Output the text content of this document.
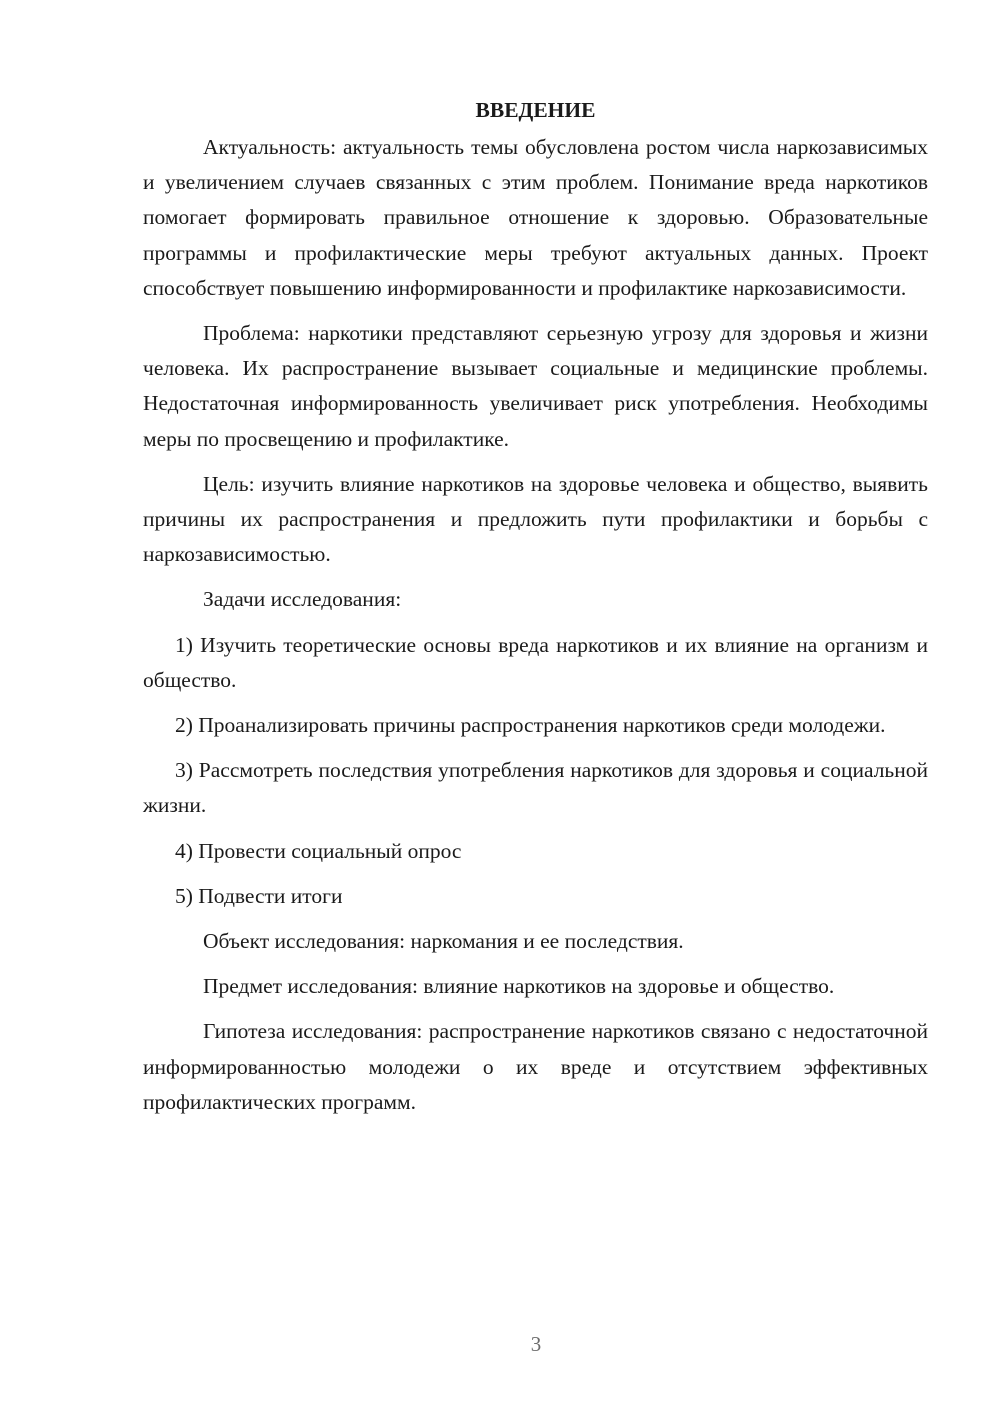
ВВЕДЕНИЕ

Актуальность: актуальность темы обусловлена ростом числа наркозависимых и увеличением случаев связанных с этим проблем. Понимание вреда наркотиков помогает формировать правильное отношение к здоровью. Образовательные программы и профилактические меры требуют актуальных данных. Проект способствует повышению информированности и профилактике наркозависимости.

Проблема: наркотики представляют серьезную угрозу для здоровья и жизни человека. Их распространение вызывает социальные и медицинские проблемы. Недостаточная информированность увеличивает риск употребления. Необходимы меры по просвещению и профилактике.

Цель: изучить влияние наркотиков на здоровье человека и общество, выявить причины их распространения и предложить пути профилактики и борьбы с наркозависимостью.

Задачи исследования:

1) Изучить теоретические основы вреда наркотиков и их влияние на организм и общество.

2) Проанализировать причины распространения наркотиков среди молодежи.

3) Рассмотреть последствия употребления наркотиков для здоровья и социальной жизни.

4) Провести социальный опрос

5) Подвести итоги

Объект исследования: наркомания и ее последствия.

Предмет исследования: влияние наркотиков на здоровье и общество.

Гипотеза исследования: распространение наркотиков связано с недостаточной информированностью молодежи о их вреде и отсутствием эффективных профилактических программ.

3
